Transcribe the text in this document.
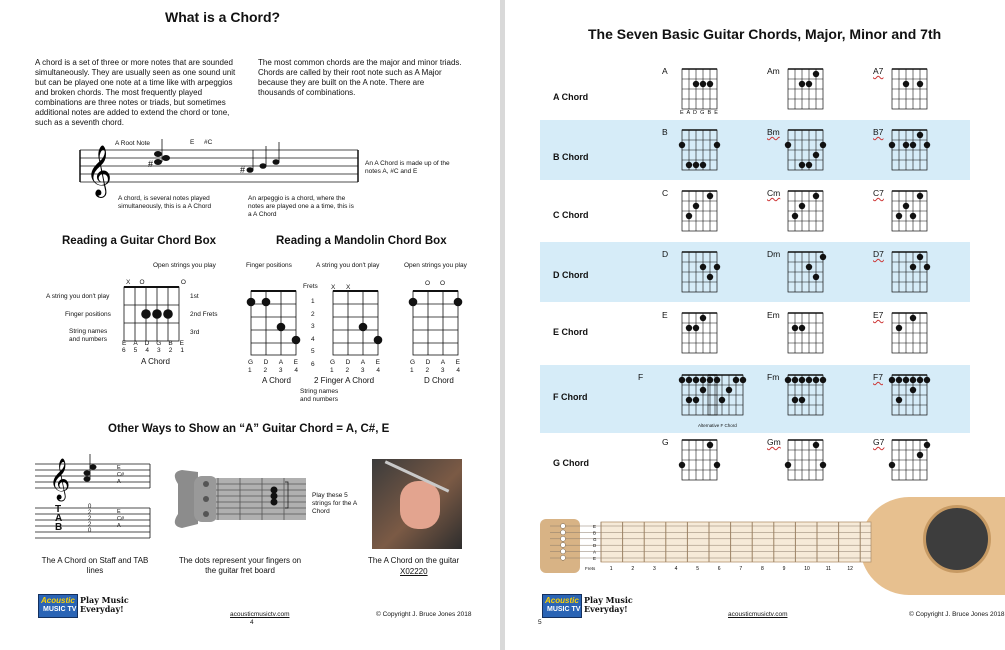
What is a Chord?
A chord is a set of three or more notes that are sounded simultaneously. They are usually seen as one sound unit but can be played one note at a time like with arpeggios and broken chords. The most frequently played combinations are three notes or triads, but sometimes additional notes are added to extend the chord or tone, such as a seventh chord.
The most common chords are the major and minor triads. Chords are called by their root note such as A Major because they are built on the A note. There are thousands of combinations.
𝄞	#
#
A Root Note	E #C
An A Chord is made up of the notes A, #C and E
A chord, is several notes played simultaneously, this is a A Chord
An arpeggio is a chord, where the notes are played one a a time, this is a A Chord
Reading a Guitar Chord Box
Open strings you play
A string you don't play
Finger positions
String names and numbers
1st
2nd Frets
3rd
X O	O
E A D G B E
6 5 4 3 2 1
A Chord
Reading a Mandolin Chord Box
Finger positions	A string you don't play	Open strings you play
Frets
1
2
3
4
5
6
X X
O O
G D A E
1 2 3 4
G D A E
1 2 3 4
G D A E
1 2 3 4
A Chord	2 Finger A Chord	D Chord
String names and numbers
Other Ways to Show an “A” Guitar Chord = A, C#, E
𝄞	E
C#
A
E
C#
A
T
A
B
0
2
2
2
0
The A Chord on Staff and TAB lines
Play these 5 strings for the A Chord
The dots represent your fingers on the guitar fret board
The A Chord on the guitar
X02220
Acoustic
MUSIC TV
Play Music
Everyday!
acousticmusictv.com
4
© Copyright J. Bruce Jones 2018
The Seven Basic Guitar Chords, Major, Minor and 7th
A Chord
B Chord
C Chord
D Chord
E Chord
F Chord
G Chord
A	Am	A7
B	Bm	B7
C	Cm	C7
D	Dm	D7
E	Em	E7
F	Fm	F7
G	Gm	G7
E A D G B E
Alternative F Chord
1	2	3	4	5	6	7	8	9	10	11	12
E
B
G
D
A
E
Frets
Acoustic
MUSIC TV
Play Music
Everyday!
5
acousticmusictv.com	© Copyright J. Bruce Jones 2018
